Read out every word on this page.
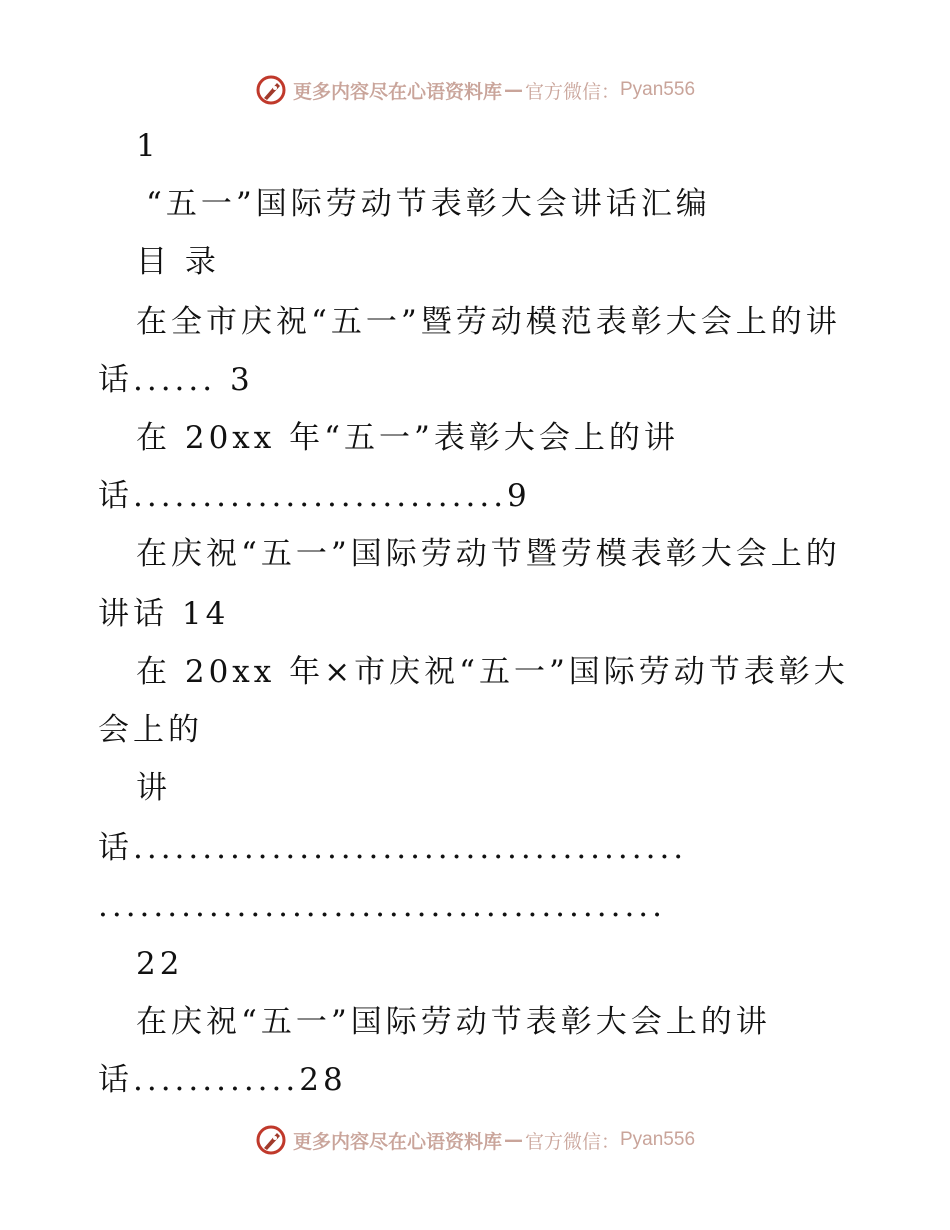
更多内容尽在心语资料库 — 官方微信： Pyan556
1
“五一”国际劳动节表彰大会讲话汇编
目 录
在全市庆祝“五一”暨劳动模范表彰大会上的讲
话...... 3
在 20xx 年“五一”表彰大会上的讲
话...........................9
在庆祝“五一”国际劳动节暨劳模表彰大会上的
讲话 14
在 20xx 年×市庆祝“五一”国际劳动节表彰大
会上的
讲
话........................................
.........................................
22
在庆祝“五一”国际劳动节表彰大会上的讲
话............28
更多内容尽在心语资料库 — 官方微信： Pyan556
